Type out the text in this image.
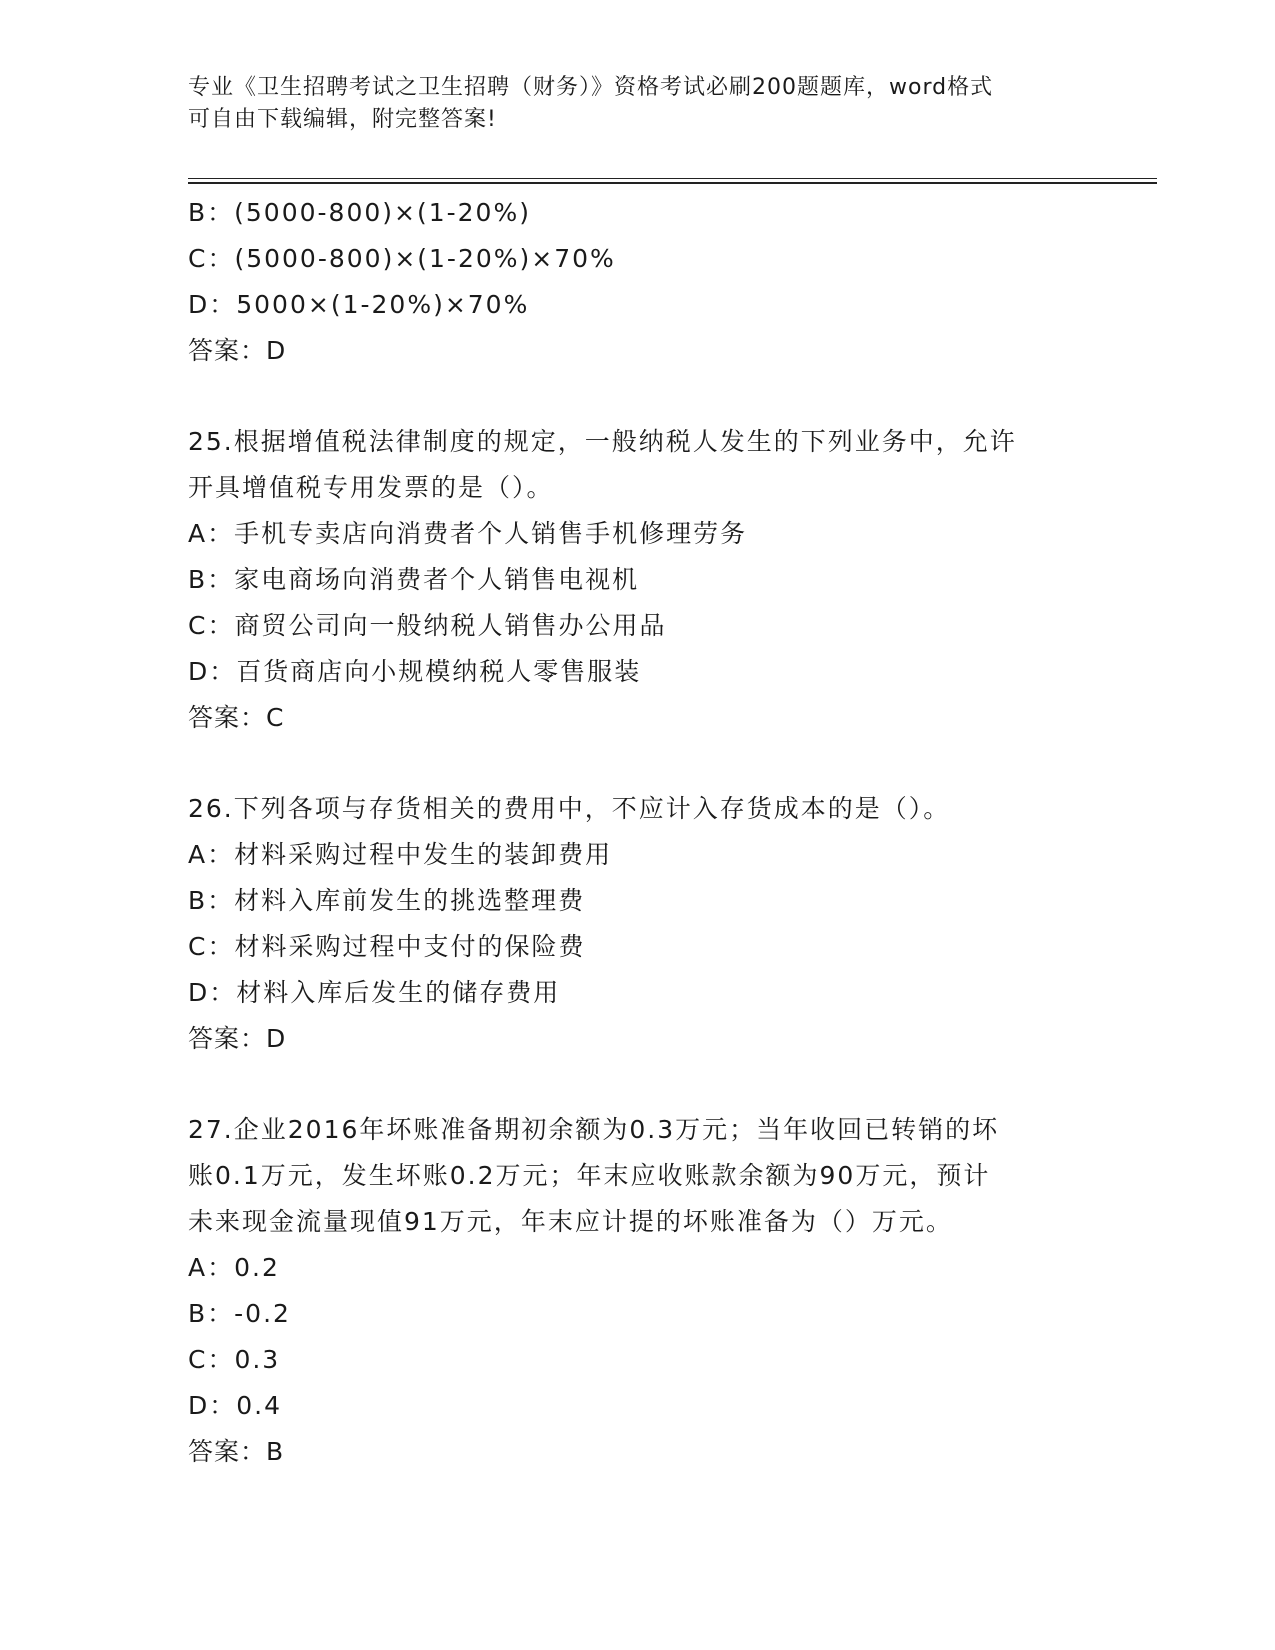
专业《卫生招聘考试之卫生招聘（财务）》资格考试必刷200题题库，word格式
可自由下载编辑，附完整答案!
B：(5000-800)×(1-20%)
C：(5000-800)×(1-20%)×70%
D：5000×(1-20%)×70%
答案：D
25.根据增值税法律制度的规定，一般纳税人发生的下列业务中，允许
开具增值税专用发票的是（）。
A：手机专卖店向消费者个人销售手机修理劳务
B：家电商场向消费者个人销售电视机
C：商贸公司向一般纳税人销售办公用品
D：百货商店向小规模纳税人零售服装
答案：C
26.下列各项与存货相关的费用中，不应计入存货成本的是（）。
A：材料采购过程中发生的装卸费用
B：材料入库前发生的挑选整理费
C：材料采购过程中支付的保险费
D：材料入库后发生的储存费用
答案：D
27.企业2016年坏账准备期初余额为0.3万元；当年收回已转销的坏
账0.1万元，发生坏账0.2万元；年末应收账款余额为90万元，预计
未来现金流量现值91万元，年末应计提的坏账准备为（）万元。
A：0.2
B：-0.2
C：0.3
D：0.4
答案：B
